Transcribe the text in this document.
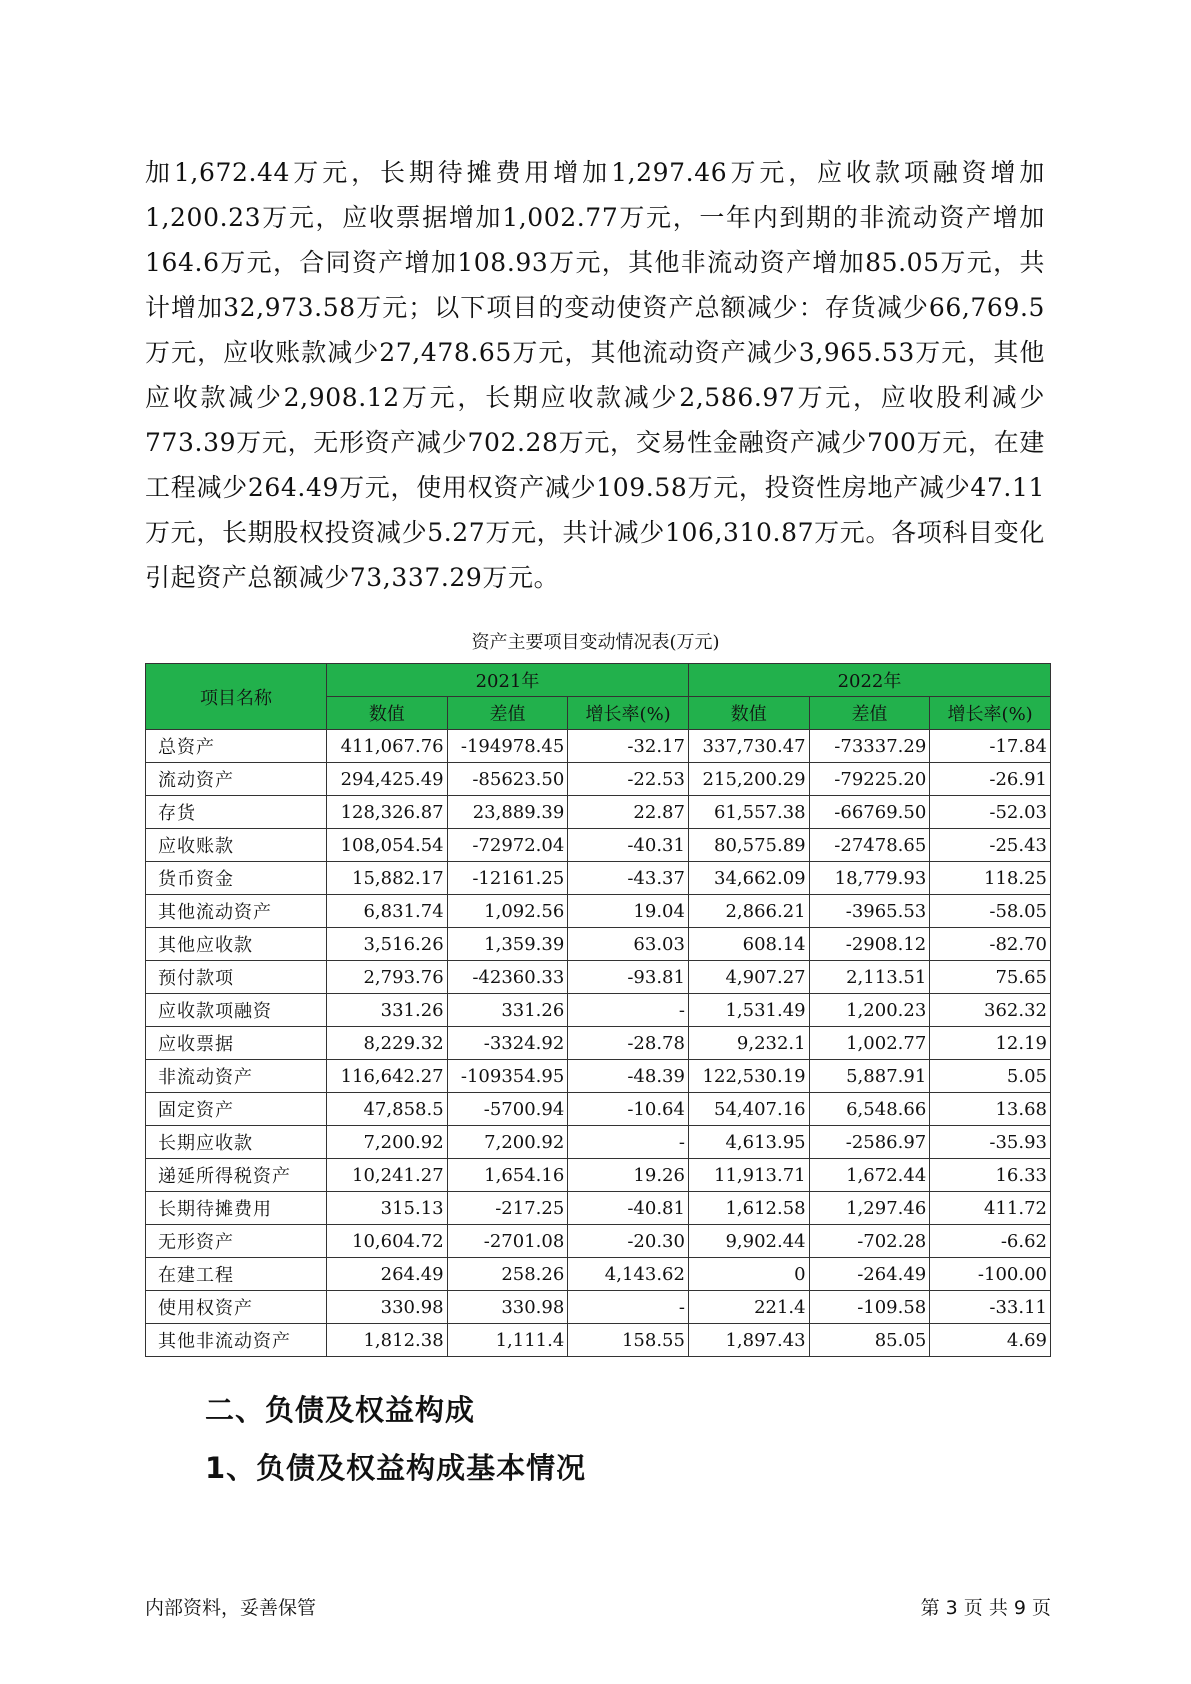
加1,672.44万元，长期待摊费用增加1,297.46万元，应收款项融资增加1,200.23万元，应收票据增加1,002.77万元，一年内到期的非流动资产增加164.6万元，合同资产增加108.93万元，其他非流动资产增加85.05万元，共计增加32,973.58万元；以下项目的变动使资产总额减少：存货减少66,769.5万元，应收账款减少27,478.65万元，其他流动资产减少3,965.53万元，其他应收款减少2,908.12万元，长期应收款减少2,586.97万元，应收股利减少773.39万元，无形资产减少702.28万元，交易性金融资产减少700万元，在建工程减少264.49万元，使用权资产减少109.58万元，投资性房地产减少47.11万元，长期股权投资减少5.27万元，共计减少106,310.87万元。各项科目变化引起资产总额减少73,337.29万元。

资产主要项目变动情况表(万元)
项目名称	2021年			2022年		
	数值	差值	增长率(%)	数值	差值	增长率(%)
总资产	411,067.76	-194978.45	-32.17	337,730.47	-73337.29	-17.84
流动资产	294,425.49	-85623.50	-22.53	215,200.29	-79225.20	-26.91
存货	128,326.87	23,889.39	22.87	61,557.38	-66769.50	-52.03
应收账款	108,054.54	-72972.04	-40.31	80,575.89	-27478.65	-25.43
货币资金	15,882.17	-12161.25	-43.37	34,662.09	18,779.93	118.25
其他流动资产	6,831.74	1,092.56	19.04	2,866.21	-3965.53	-58.05
其他应收款	3,516.26	1,359.39	63.03	608.14	-2908.12	-82.70
预付款项	2,793.76	-42360.33	-93.81	4,907.27	2,113.51	75.65
应收款项融资	331.26	331.26	-	1,531.49	1,200.23	362.32
应收票据	8,229.32	-3324.92	-28.78	9,232.1	1,002.77	12.19
非流动资产	116,642.27	-109354.95	-48.39	122,530.19	5,887.91	5.05
固定资产	47,858.5	-5700.94	-10.64	54,407.16	6,548.66	13.68
长期应收款	7,200.92	7,200.92	-	4,613.95	-2586.97	-35.93
递延所得税资产	10,241.27	1,654.16	19.26	11,913.71	1,672.44	16.33
长期待摊费用	315.13	-217.25	-40.81	1,612.58	1,297.46	411.72
无形资产	10,604.72	-2701.08	-20.30	9,902.44	-702.28	-6.62
在建工程	264.49	258.26	4,143.62	0	-264.49	-100.00
使用权资产	330.98	330.98	-	221.4	-109.58	-33.11
其他非流动资产	1,812.38	1,111.4	158.55	1,897.43	85.05	4.69
二、负债及权益构成
1、负债及权益构成基本情况
内部资料，妥善保管	第 3 页 共 9 页
